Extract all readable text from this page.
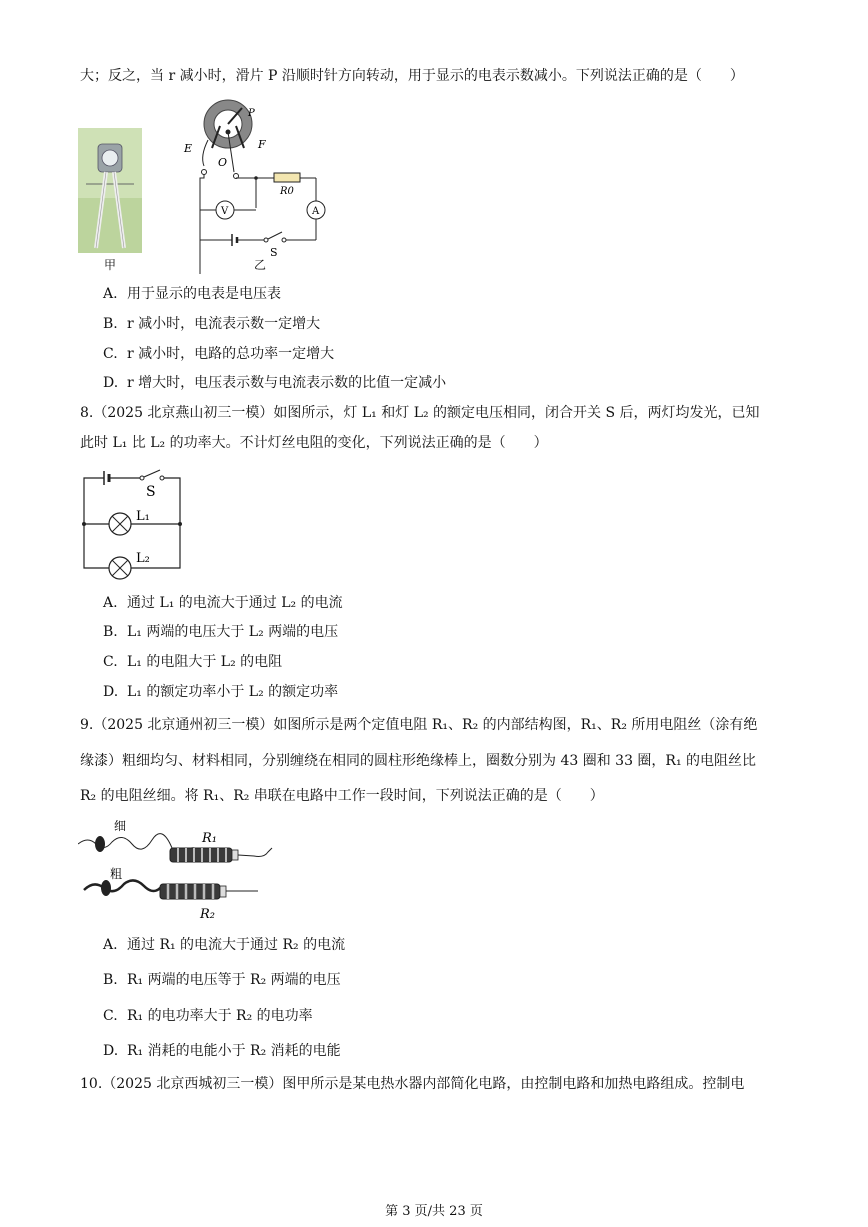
大；反之，当 r 减小时，滑片 P 沿顺时针方向转动，用于显示的电表示数减小。下列说法正确的是（　　）
甲
E	F
O
P
R0
V	A
S
乙
A. 用于显示的电表是电压表
B. r 减小时，电流表示数一定增大
C. r 减小时，电路的总功率一定增大
D. r 增大时，电压表示数与电流表示数的比值一定减小
8.（2025 北京燕山初三一模）如图所示，灯 L₁ 和灯 L₂ 的额定电压相同，闭合开关 S 后，两灯均发光，已知
此时 L₁ 比 L₂ 的功率大。不计灯丝电阻的变化，下列说法正确的是（　　）
S
L₁
L₂
A. 通过 L₁ 的电流大于通过 L₂ 的电流
B. L₁ 两端的电压大于 L₂ 两端的电压
C. L₁ 的电阻大于 L₂ 的电阻
D. L₁ 的额定功率小于 L₂ 的额定功率
9.（2025 北京通州初三一模）如图所示是两个定值电阻 R₁、R₂ 的内部结构图，R₁、R₂ 所用电阻丝（涂有绝
缘漆）粗细均匀、材料相同，分别缠绕在相同的圆柱形绝缘棒上，圈数分别为 43 圈和 33 圈，R₁ 的电阻丝比
R₂ 的电阻丝细。将 R₁、R₂ 串联在电路中工作一段时间，下列说法正确的是（　　）
细
粗
R₁
R₂
A. 通过 R₁ 的电流大于通过 R₂ 的电流
B. R₁ 两端的电压等于 R₂ 两端的电压
C. R₁ 的电功率大于 R₂ 的电功率
D. R₁ 消耗的电能小于 R₂ 消耗的电能
10.（2025 北京西城初三一模）图甲所示是某电热水器内部简化电路，由控制电路和加热电路组成。控制电
第 3 页/共 23 页
